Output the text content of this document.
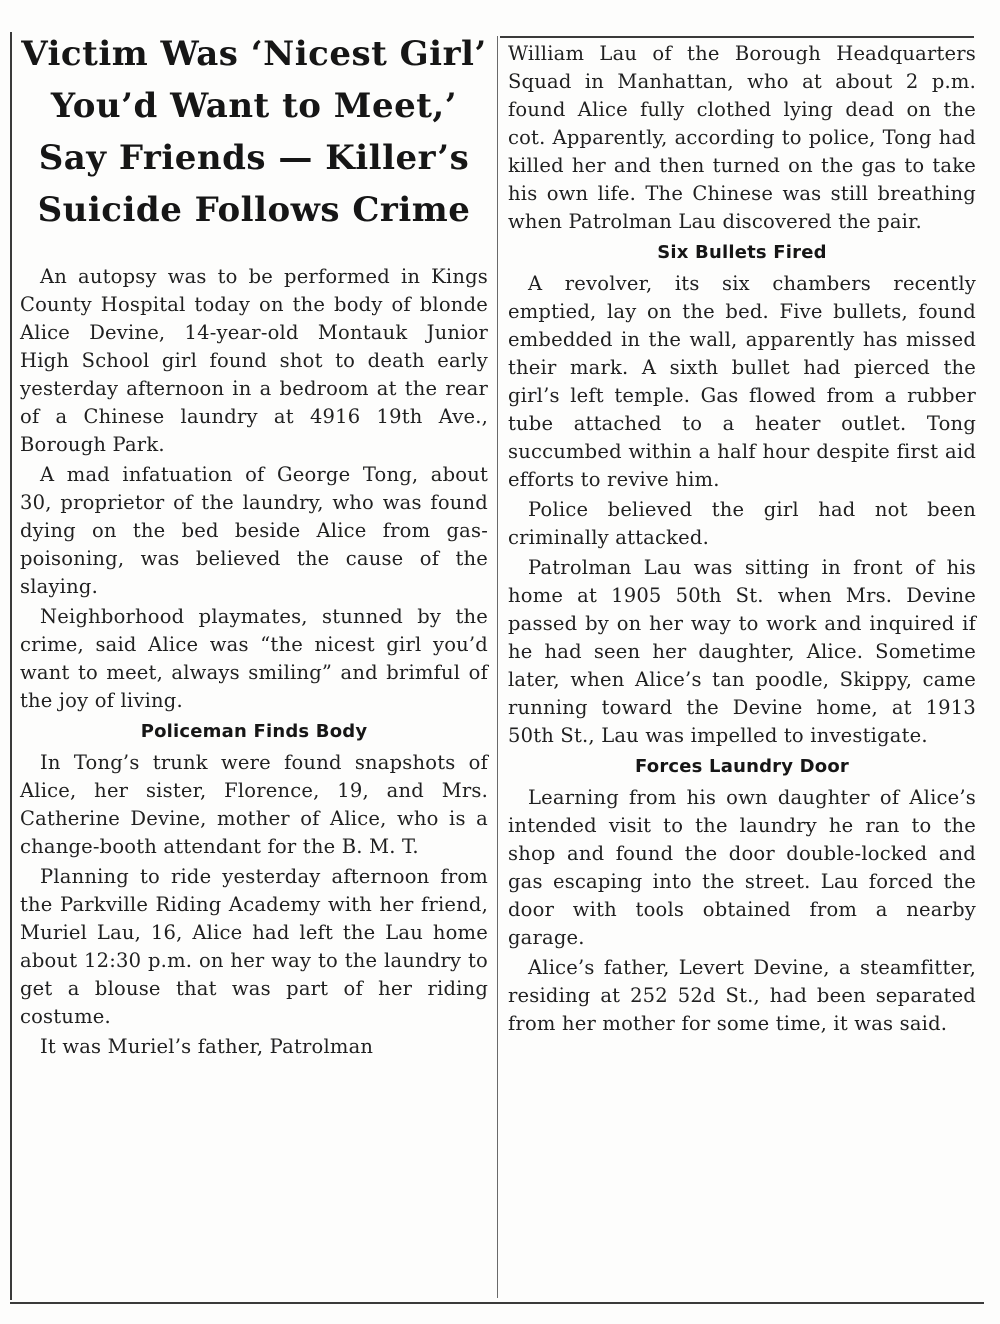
Victim Was ‘Nicest Girl’
You’d Want to Meet,’
Say Friends — Killer’s
Suicide Follows Crime

An autopsy was to be performed in Kings County Hospital today on the body of blonde Alice Devine, 14-year-old Montauk Junior High School girl found shot to death early yesterday afternoon in a bedroom at the rear of a Chinese laundry at 4916 19th Ave., Borough Park.

A mad infatuation of George Tong, about 30, proprietor of the laundry, who was found dying on the bed beside Alice from gas-poisoning, was believed the cause of the slaying.

Neighborhood playmates, stunned by the crime, said Alice was “the nicest girl you’d want to meet, always smiling” and brimful of the joy of living.

Policeman Finds Body

In Tong’s trunk were found snapshots of Alice, her sister, Florence, 19, and Mrs. Catherine Devine, mother of Alice, who is a change-booth attendant for the B. M. T.

Planning to ride yesterday afternoon from the Parkville Riding Academy with her friend, Muriel Lau, 16, Alice had left the Lau home about 12:30 p.m. on her way to the laundry to get a blouse that was part of her riding costume.

It was Muriel’s father, Patrolman

William Lau of the Borough Headquarters Squad in Manhattan, who at about 2 p.m. found Alice fully clothed lying dead on the cot. Apparently, according to police, Tong had killed her and then turned on the gas to take his own life. The Chinese was still breathing when Patrolman Lau discovered the pair.

Six Bullets Fired

A revolver, its six chambers recently emptied, lay on the bed. Five bullets, found embedded in the wall, apparently has missed their mark. A sixth bullet had pierced the girl’s left temple. Gas flowed from a rubber tube attached to a heater outlet. Tong succumbed within a half hour despite first aid efforts to revive him.

Police believed the girl had not been criminally attacked.

Patrolman Lau was sitting in front of his home at 1905 50th St. when Mrs. Devine passed by on her way to work and inquired if he had seen her daughter, Alice. Sometime later, when Alice’s tan poodle, Skippy, came running toward the Devine home, at 1913 50th St., Lau was impelled to investigate.

Forces Laundry Door

Learning from his own daughter of Alice’s intended visit to the laundry he ran to the shop and found the door double-locked and gas escaping into the street. Lau forced the door with tools obtained from a nearby garage.

Alice’s father, Levert Devine, a steamfitter, residing at 252 52d St., had been separated from her mother for some time, it was said.
